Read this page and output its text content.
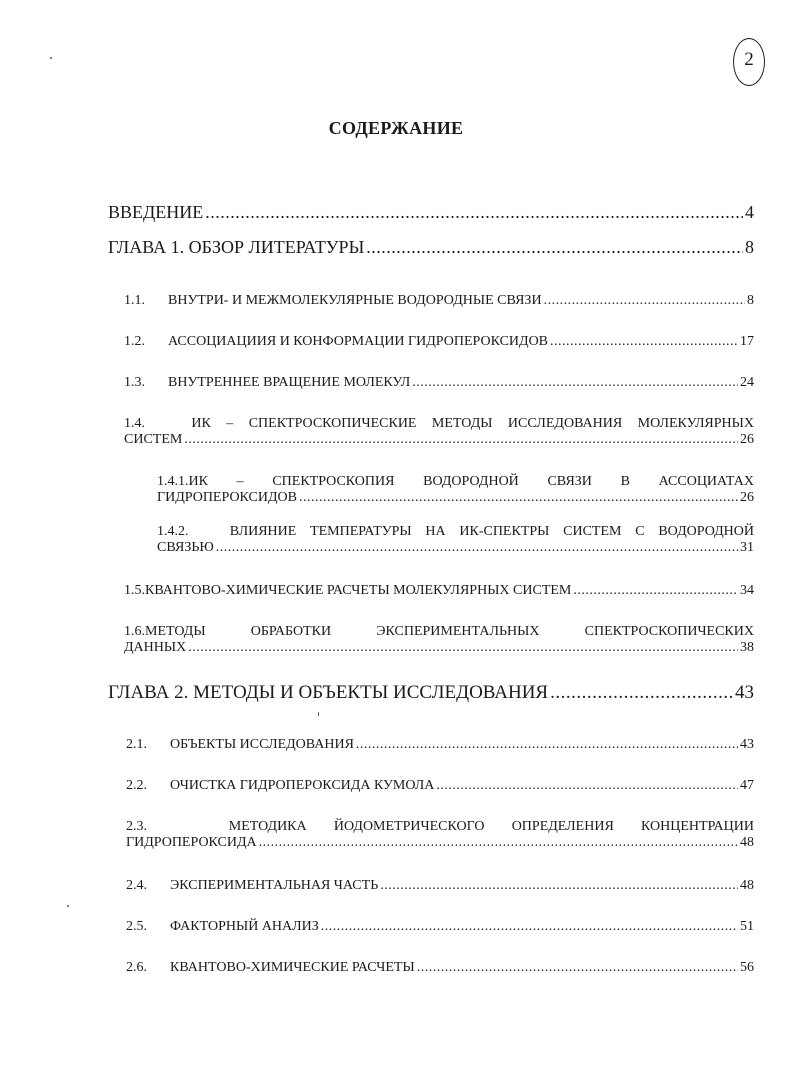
2
СОДЕРЖАНИЕ
ВВЕДЕНИЕ .....	4
ГЛАВА 1. ОБЗОР ЛИТЕРАТУРЫ .....	8
1.1.	ВНУТРИ- И МЕЖМОЛЕКУЛЯРНЫЕ ВОДОРОДНЫЕ СВЯЗИ .....	8
1.2.	АССОЦИАЦИИЯ И КОНФОРМАЦИИ ГИДРОПЕРОКСИДОВ .....	17
1.3.	ВНУТРЕННЕЕ ВРАЩЕНИЕ МОЛЕКУЛ .....	24
1.4.   ИК – СПЕКТРОСКОПИЧЕСКИЕ МЕТОДЫ ИССЛЕДОВАНИЯ МОЛЕКУЛЯРНЫХ
СИСТЕМ .....	26
1.4.1.ИК – СПЕКТРОСКОПИЯ ВОДОРОДНОЙ СВЯЗИ В АССОЦИАТАХ
ГИДРОПЕРОКСИДОВ .....	26
1.4.2.   ВЛИЯНИЕ ТЕМПЕРАТУРЫ НА ИК-СПЕКТРЫ СИСТЕМ С ВОДОРОДНОЙ
СВЯЗЬЮ .....	31
1.5.КВАНТОВО-ХИМИЧЕСКИЕ РАСЧЕТЫ МОЛЕКУЛЯРНЫХ СИСТЕМ .....	34
1.6.МЕТОДЫ ОБРАБОТКИ ЭКСПЕРИМЕНТАЛЬНЫХ СПЕКТРОСКОПИЧЕСКИХ
ДАННЫХ .....	38
ГЛАВА 2. МЕТОДЫ И ОБЪЕКТЫ ИССЛЕДОВАНИЯ .....	43
2.1.	ОБЪЕКТЫ ИССЛЕДОВАНИЯ .....	43
2.2.	ОЧИСТКА ГИДРОПЕРОКСИДА КУМОЛА .....	47
2.3.   МЕТОДИКА ЙОДОМЕТРИЧЕСКОГО ОПРЕДЕЛЕНИЯ КОНЦЕНТРАЦИИ
ГИДРОПЕРОКСИДА .....	48
2.4.	ЭКСПЕРИМЕНТАЛЬНАЯ ЧАСТЬ .....	48
2.5.	ФАКТОРНЫЙ АНАЛИЗ .....	51
2.6.	КВАНТОВО-ХИМИЧЕСКИЕ РАСЧЕТЫ .....	56
